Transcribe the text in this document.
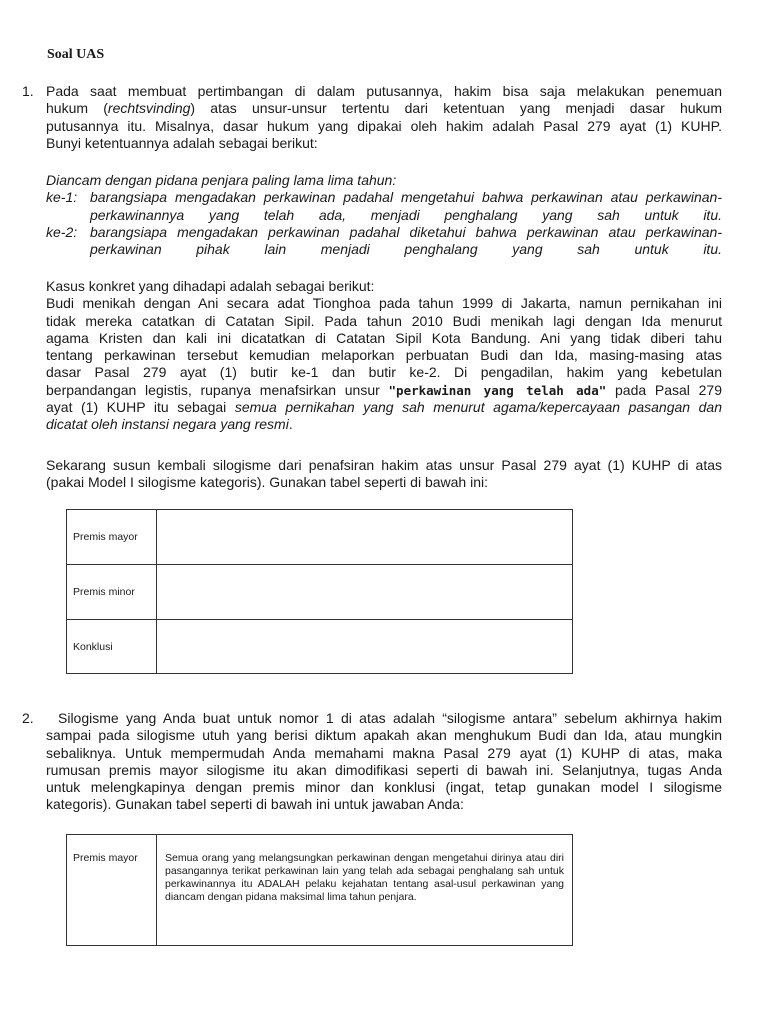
Soal UAS
1. Pada saat membuat pertimbangan di dalam putusannya, hakim bisa saja melakukan penemuan
hukum (rechtsvinding) atas unsur-unsur tertentu dari ketentuan yang menjadi dasar hukum
putusannya itu. Misalnya, dasar hukum yang dipakai oleh hakim adalah Pasal 279 ayat (1) KUHP.
Bunyi ketentuannya adalah sebagai berikut:
Diancam dengan pidana penjara paling lama lima tahun:
ke-1: barangsiapa mengadakan perkawinan padahal mengetahui bahwa perkawinan atau perkawinan-perkawinannya yang telah ada, menjadi penghalang yang sah untuk itu.
ke-2: barangsiapa mengadakan perkawinan padahal diketahui bahwa perkawinan atau perkawinan-perkawinan pihak lain menjadi penghalang yang sah untuk itu.
Kasus konkret yang dihadapi adalah sebagai berikut:
Budi menikah dengan Ani secara adat Tionghoa pada tahun 1999 di Jakarta, namun pernikahan ini
tidak mereka catatkan di Catatan Sipil. Pada tahun 2010 Budi menikah lagi dengan Ida menurut
agama Kristen dan kali ini dicatatkan di Catatan Sipil Kota Bandung. Ani yang tidak diberi tahu
tentang perkawinan tersebut kemudian melaporkan perbuatan Budi dan Ida, masing-masing atas
dasar Pasal 279 ayat (1) butir ke-1 dan butir ke-2. Di pengadilan, hakim yang kebetulan
berpandangan legistis, rupanya menafsirkan unsur "perkawinan yang telah ada" pada Pasal 279
ayat (1) KUHP itu sebagai semua pernikahan yang sah menurut agama/kepercayaan pasangan dan
dicatat oleh instansi negara yang resmi.
Sekarang susun kembali silogisme dari penafsiran hakim atas unsur Pasal 279 ayat (1) KUHP di atas
(pakai Model I silogisme kategoris). Gunakan tabel seperti di bawah ini:
Premis mayor	
Premis minor	
Konklusi	
2.	Silogisme yang Anda buat untuk nomor 1 di atas adalah “silogisme antara” sebelum akhirnya hakim
sampai pada silogisme utuh yang berisi diktum apakah akan menghukum Budi dan Ida, atau mungkin
sebaliknya. Untuk mempermudah Anda memahami makna Pasal 279 ayat (1) KUHP di atas, maka
rumusan premis mayor silogisme itu akan dimodifikasi seperti di bawah ini. Selanjutnya, tugas Anda
untuk melengkapinya dengan premis minor dan konklusi (ingat, tetap gunakan model I silogisme
kategoris). Gunakan tabel seperti di bawah ini untuk jawaban Anda:
Premis mayor	Semua orang yang melangsungkan perkawinan dengan mengetahui dirinya atau diri pasangannya terikat perkawinan lain yang telah ada sebagai penghalang sah untuk perkawinannya itu ADALAH pelaku kejahatan tentang asal-usul perkawinan yang diancam dengan pidana maksimal lima tahun penjara.
